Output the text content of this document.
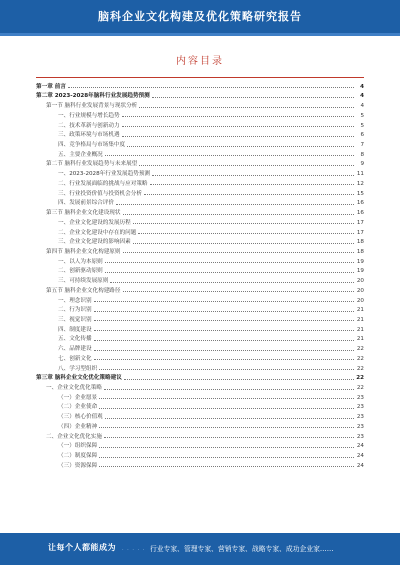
脑科企业文化构建及优化策略研究报告
内容目录
第一章 前言	4
第二章 2023-2028年脑科行业发展趋势预测	4
第一节 脑科行业发展背景与现状分析	4
一、行业规模与增长趋势	5
二、技术革新与创新动力	5
三、政策环境与市场机遇	6
四、竞争格局与市场集中度	7
五、主要企业概况	8
第二节 脑科行业发展趋势与未来展望	9
一、2023-2028年行业发展趋势预测	11
二、行业发展面临的挑战与应对策略	12
三、行业投资价值与投资机会分析	15
四、发展前景综合评价	16
第三节 脑科企业文化建设现状	16
一、企业文化建设的发展历程	17
二、企业文化建设中存在的问题	17
三、企业文化建设的影响因素	18
第四节 脑科企业文化构建原则	18
一、以人为本原则	19
二、创新驱动原则	19
三、可持续发展原则	20
第五节 脑科企业文化构建路径	20
一、理念识别	20
二、行为识别	21
三、视觉识别	21
四、制度建设	21
五、文化传播	21
六、品牌建设	22
七、创新文化	22
八、学习型组织	22
第三章 脑科企业文化优化策略建议	22
一、企业文化优化策略	22
（一）企业愿景	23
（二）企业使命	23
（三）核心价值观	23
（四）企业精神	23
二、企业文化优化实施	23
（一）组织保障	24
（二）制度保障	24
（三）资源保障	24
让每个人都能成为 · · · · · 行业专家、管理专家、营销专家、战略专家、成功企业家……
